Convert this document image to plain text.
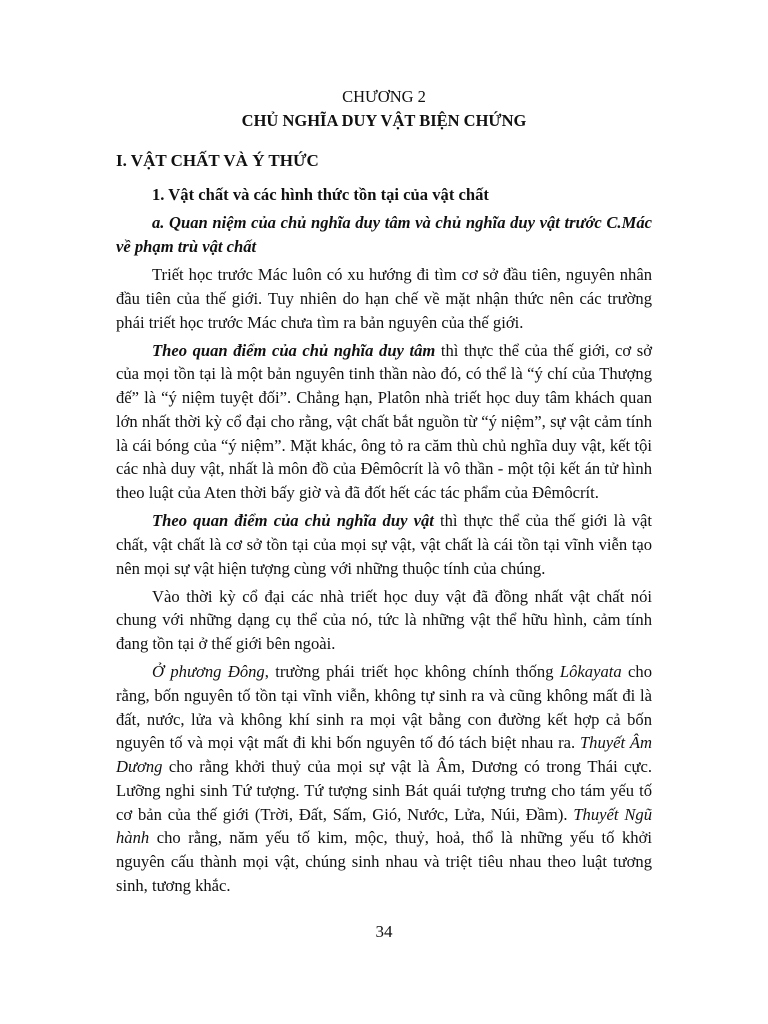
CHƯƠNG 2
CHỦ NGHĨA DUY VẬT BIỆN CHỨNG
I. VẬT CHẤT VÀ Ý THỨC

1. Vật chất và các hình thức tồn tại của vật chất

a. Quan niệm của chủ nghĩa duy tâm và chủ nghĩa duy vật trước C.Mác về phạm trù vật chất

Triết học trước Mác luôn có xu hướng đi tìm cơ sở đầu tiên, nguyên nhân đầu tiên của thế giới. Tuy nhiên do hạn chế về mặt nhận thức nên các trường phái triết học trước Mác chưa tìm ra bản nguyên của thế giới.

Theo quan điểm của chủ nghĩa duy tâm thì thực thể của thế giới, cơ sở của mọi tồn tại là một bản nguyên tinh thần nào đó, có thể là “ý chí của Thượng đế” là “ý niệm tuyệt đối”. Chẳng hạn, Platôn nhà triết học duy tâm khách quan lớn nhất thời kỳ cổ đại cho rằng, vật chất bắt nguồn từ “ý niệm”, sự vật cảm tính là cái bóng của “ý niệm”. Mặt khác, ông tỏ ra căm thù chủ nghĩa duy vật, kết tội các nhà duy vật, nhất là môn đồ của Đêmôcrít là vô thần - một tội kết án tử hình theo luật của Aten thời bấy giờ và đã đốt hết các tác phẩm của Đêmôcrít.

Theo quan điểm của chủ nghĩa duy vật thì thực thể của thế giới là vật chất, vật chất là cơ sở tồn tại của mọi sự vật, vật chất là cái tồn tại vĩnh viễn tạo nên mọi sự vật hiện tượng cùng với những thuộc tính của chúng.

Vào thời kỳ cổ đại các nhà triết học duy vật đã đồng nhất vật chất nói chung với những dạng cụ thể của nó, tức là những vật thể hữu hình, cảm tính đang tồn tại ở thế giới bên ngoài.

Ở phương Đông, trường phái triết học không chính thống Lôkayata cho rằng, bốn nguyên tố tồn tại vĩnh viễn, không tự sinh ra và cũng không mất đi là đất, nước, lửa và không khí sinh ra mọi vật bằng con đường kết hợp cả bốn nguyên tố và mọi vật mất đi khi bốn nguyên tố đó tách biệt nhau ra. Thuyết Âm Dương cho rằng khởi thuỷ của mọi sự vật là Âm, Dương có trong Thái cực. Lưỡng nghi sinh Tứ tượng. Tứ tượng sinh Bát quái tượng trưng cho tám yếu tố cơ bản của thế giới (Trời, Đất, Sấm, Gió, Nước, Lửa, Núi, Đầm). Thuyết Ngũ hành cho rằng, năm yếu tố kim, mộc, thuỷ, hoả, thổ là những yếu tố khởi nguyên cấu thành mọi vật, chúng sinh nhau và triệt tiêu nhau theo luật tương sinh, tương khắc.

34
